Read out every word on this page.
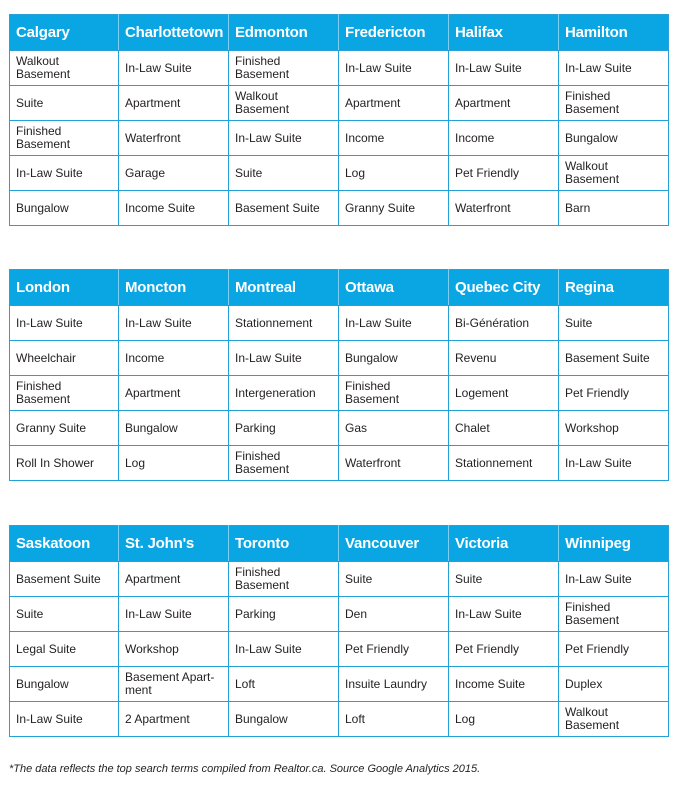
Calgary	Charlottetown	Edmonton	Fredericton	Halifax	Hamilton
Walkout Basement	In-Law Suite	Finished Basement	In-Law Suite	In-Law Suite	In-Law Suite
Suite	Apartment	Walkout Basement	Apartment	Apartment	Finished Basement
Finished Basement	Waterfront	In-Law Suite	Income	Income	Bungalow
In-Law Suite	Garage	Suite	Log	Pet Friendly	Walkout Basement
Bungalow	Income Suite	Basement Suite	Granny Suite	Waterfront	Barn
London	Moncton	Montreal	Ottawa	Quebec City	Regina
In-Law Suite	In-Law Suite	Stationnement	In-Law Suite	Bi-Génération	Suite
Wheelchair	Income	In-Law Suite	Bungalow	Revenu	Basement Suite
Finished Basement	Apartment	Intergeneration	Finished Basement	Logement	Pet Friendly
Granny Suite	Bungalow	Parking	Gas	Chalet	Workshop
Roll In Shower	Log	Finished Basement	Waterfront	Stationnement	In-Law Suite
Saskatoon	St. John's	Toronto	Vancouver	Victoria	Winnipeg
Basement Suite	Apartment	Finished Basement	Suite	Suite	In-Law Suite
Suite	In-Law Suite	Parking	Den	In-Law Suite	Finished Basement
Legal Suite	Workshop	In-Law Suite	Pet Friendly	Pet Friendly	Pet Friendly
Bungalow	Basement Apart-ment	Loft	Insuite Laundry	Income Suite	Duplex
In-Law Suite	2 Apartment	Bungalow	Loft	Log	Walkout Basement
*The data reflects the top search terms compiled from Realtor.ca. Source Google Analytics 2015.
